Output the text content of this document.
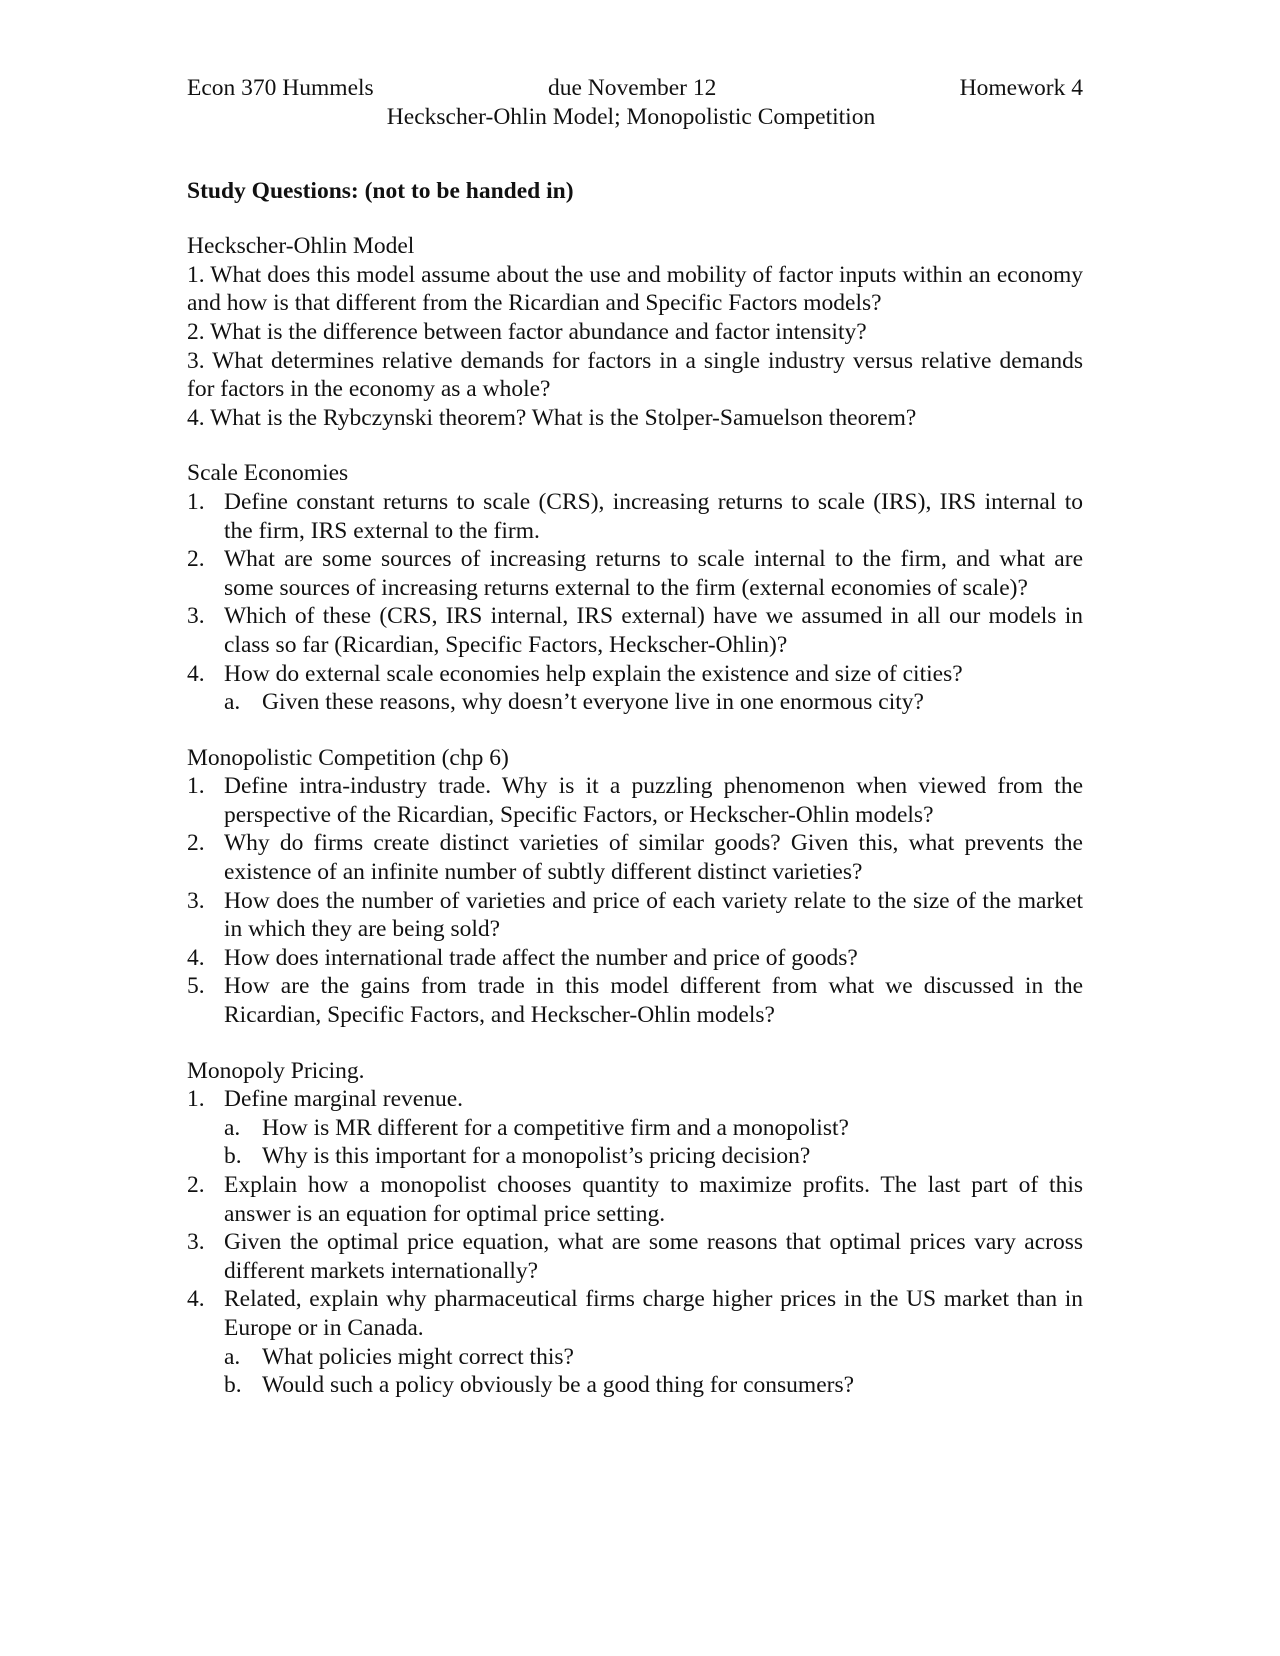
Econ 370 Hummels	due November 12	Homework 4
Heckscher-Ohlin Model; Monopolistic Competition
Study Questions: (not to be handed in)
Heckscher-Ohlin Model
1. What does this model assume about the use and mobility of factor inputs within an economy and how is that different from the Ricardian and Specific Factors models?
2. What is the difference between factor abundance and factor intensity?
3. What determines relative demands for factors in a single industry versus relative demands for factors in the economy as a whole?
4. What is the Rybczynski theorem? What is the Stolper-Samuelson theorem?
Scale Economies
1. Define constant returns to scale (CRS), increasing returns to scale (IRS), IRS internal to the firm, IRS external to the firm.
2. What are some sources of increasing returns to scale internal to the firm, and what are some sources of increasing returns external to the firm (external economies of scale)?
3. Which of these (CRS, IRS internal, IRS external) have we assumed in all our models in class so far (Ricardian, Specific Factors, Heckscher-Ohlin)?
4. How do external scale economies help explain the existence and size of cities?
a. Given these reasons, why doesn’t everyone live in one enormous city?
Monopolistic Competition (chp 6)
1. Define intra-industry trade. Why is it a puzzling phenomenon when viewed from the perspective of the Ricardian, Specific Factors, or Heckscher-Ohlin models?
2. Why do firms create distinct varieties of similar goods? Given this, what prevents the existence of an infinite number of subtly different distinct varieties?
3. How does the number of varieties and price of each variety relate to the size of the market in which they are being sold?
4. How does international trade affect the number and price of goods?
5. How are the gains from trade in this model different from what we discussed in the Ricardian, Specific Factors, and Heckscher-Ohlin models?
Monopoly Pricing.
1. Define marginal revenue.
a. How is MR different for a competitive firm and a monopolist?
b. Why is this important for a monopolist’s pricing decision?
2. Explain how a monopolist chooses quantity to maximize profits. The last part of this answer is an equation for optimal price setting.
3. Given the optimal price equation, what are some reasons that optimal prices vary across different markets internationally?
4. Related, explain why pharmaceutical firms charge higher prices in the US market than in Europe or in Canada.
a. What policies might correct this?
b. Would such a policy obviously be a good thing for consumers?
